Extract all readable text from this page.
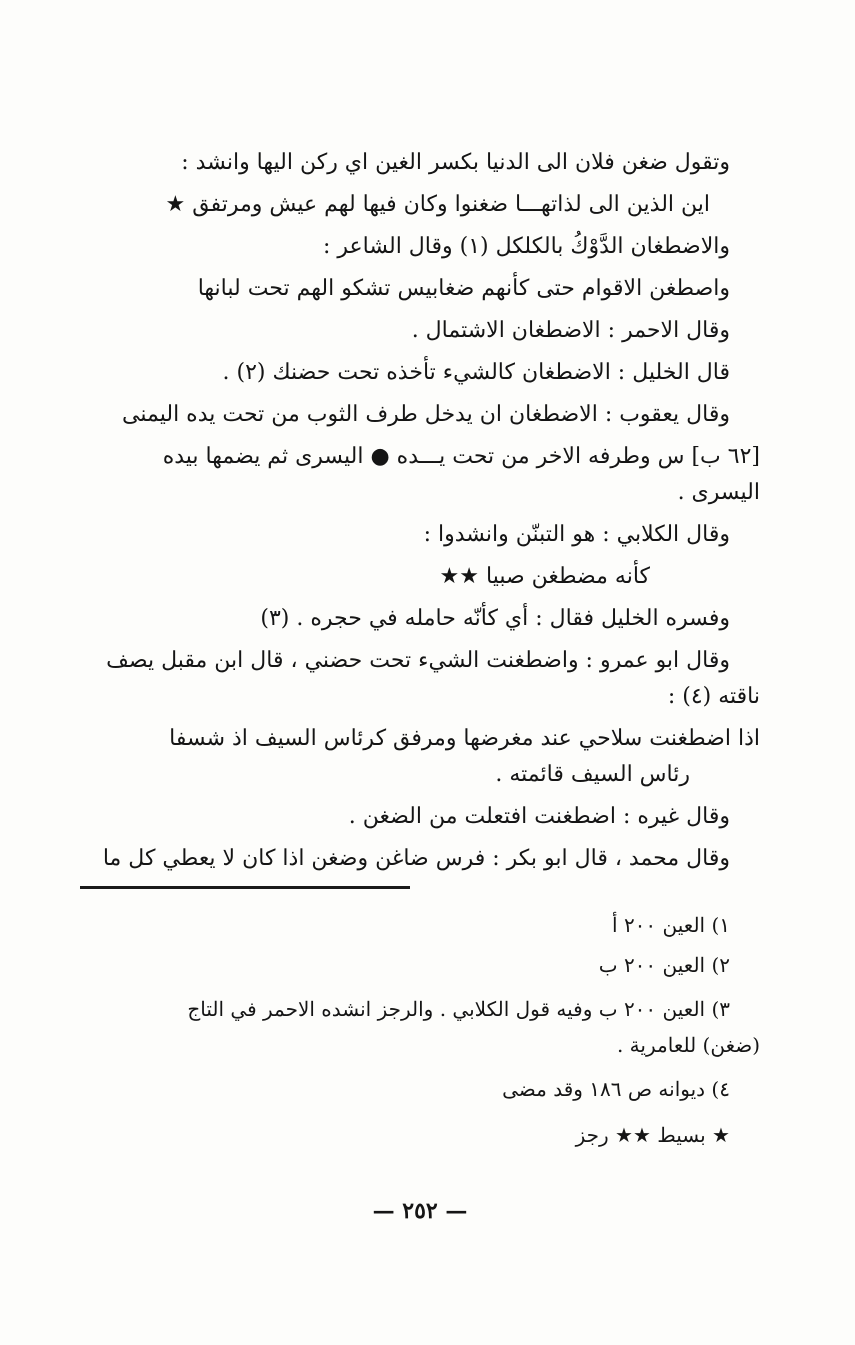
وتقول ضغن فلان الى الدنيا بكسر الغين اي ركن اليها وانشد :
اين الذين الى لذاتهـــا ضغنوا وكان فيها لهم عيش ومرتفق ★
والاضطغان الدَّوْكُ بالكلكل (١) وقال الشاعر :
واصطغن الاقوام حتى كأنهم ضغابيس تشكو الهم تحت لبانها
وقال الاحمر : الاضطغان الاشتمال .
قال الخليل : الاضطغان كالشيء تأخذه تحت حضنك (٢) .
وقال يعقوب : الاضطغان ان يدخل طرف الثوب من تحت يده اليمنى
[٦٢ ب] س وطرفه الاخر من تحت يـــده ● اليسرى ثم يضمها بيده
اليسرى .
وقال الكلابي : هو التبنّن وانشدوا :
كأنه مضطغن صبيا ★★
وفسره الخليل فقال : أي كأنّه حامله في حجره . (٣)
وقال ابو عمرو : واضطغنت الشيء تحت حضني ، قال ابن مقبل يصف
ناقته (٤) :
اذا اضطغنت سلاحي عند مغرضها ومرفق كرئاس السيف اذ شسفا
رئاس السيف قائمته .
وقال غيره : اضطغنت افتعلت من الضغن .
وقال محمد ، قال ابو بكر : فرس ضاغن وضغن اذا كان لا يعطي كل ما
١) العين ٢٠٠ أ
٢) العين ٢٠٠ ب
٣) العين ٢٠٠ ب وفيه قول الكلابي . والرجز انشده الاحمر في التاج
(ضغن) للعامرية .
٤) ديوانه ص ١٨٦ وقد مضى
★ بسيط ★★ رجز
— ٢٥٢ —
